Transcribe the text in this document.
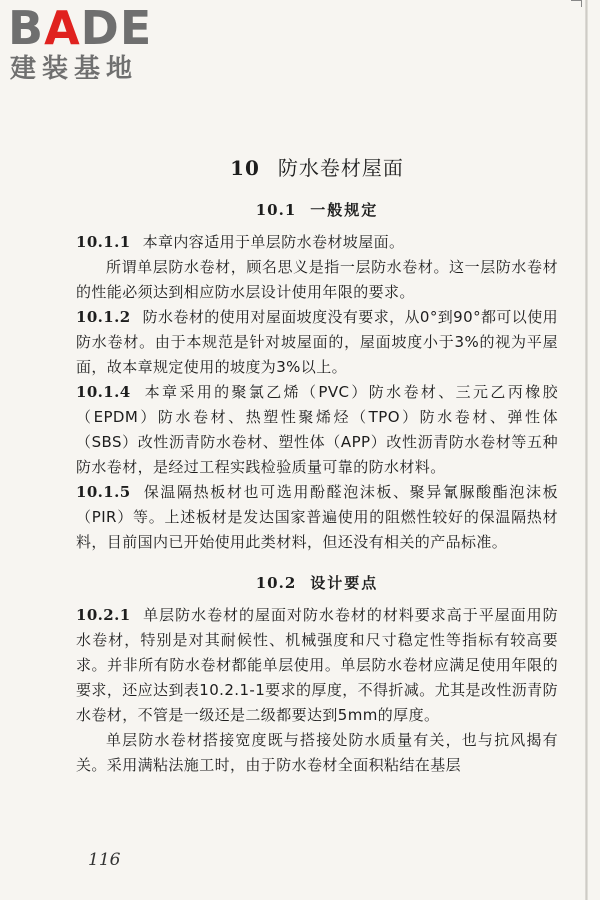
BADE
建装基地
10 防水卷材屋面
10.1 一般规定

10.1.1 本章内容适用于单层防水卷材坡屋面。

所谓单层防水卷材，顾名思义是指一层防水卷材。这一层防水卷材的性能必须达到相应防水层设计使用年限的要求。

10.1.2 防水卷材的使用对屋面坡度没有要求，从0°到90°都可以使用防水卷材。由于本规范是针对坡屋面的，屋面坡度小于3%的视为平屋面，故本章规定使用的坡度为3%以上。

10.1.4 本章采用的聚氯乙烯（PVC）防水卷材、三元乙丙橡胶（EPDM）防水卷材、热塑性聚烯烃（TPO）防水卷材、弹性体（SBS）改性沥青防水卷材、塑性体（APP）改性沥青防水卷材等五种防水卷材，是经过工程实践检验质量可靠的防水材料。

10.1.5 保温隔热板材也可选用酚醛泡沫板、聚异氰脲酸酯泡沫板（PIR）等。上述板材是发达国家普遍使用的阻燃性较好的保温隔热材料，目前国内已开始使用此类材料，但还没有相关的产品标准。

10.2 设计要点

10.2.1 单层防水卷材的屋面对防水卷材的材料要求高于平屋面用防水卷材，特别是对其耐候性、机械强度和尺寸稳定性等指标有较高要求。并非所有防水卷材都能单层使用。单层防水卷材应满足使用年限的要求，还应达到表10.2.1-1要求的厚度，不得折减。尤其是改性沥青防水卷材，不管是一级还是二级都要达到5mm的厚度。

单层防水卷材搭接宽度既与搭接处防水质量有关，也与抗风揭有关。采用满粘法施工时，由于防水卷材全面积粘结在基层

116
